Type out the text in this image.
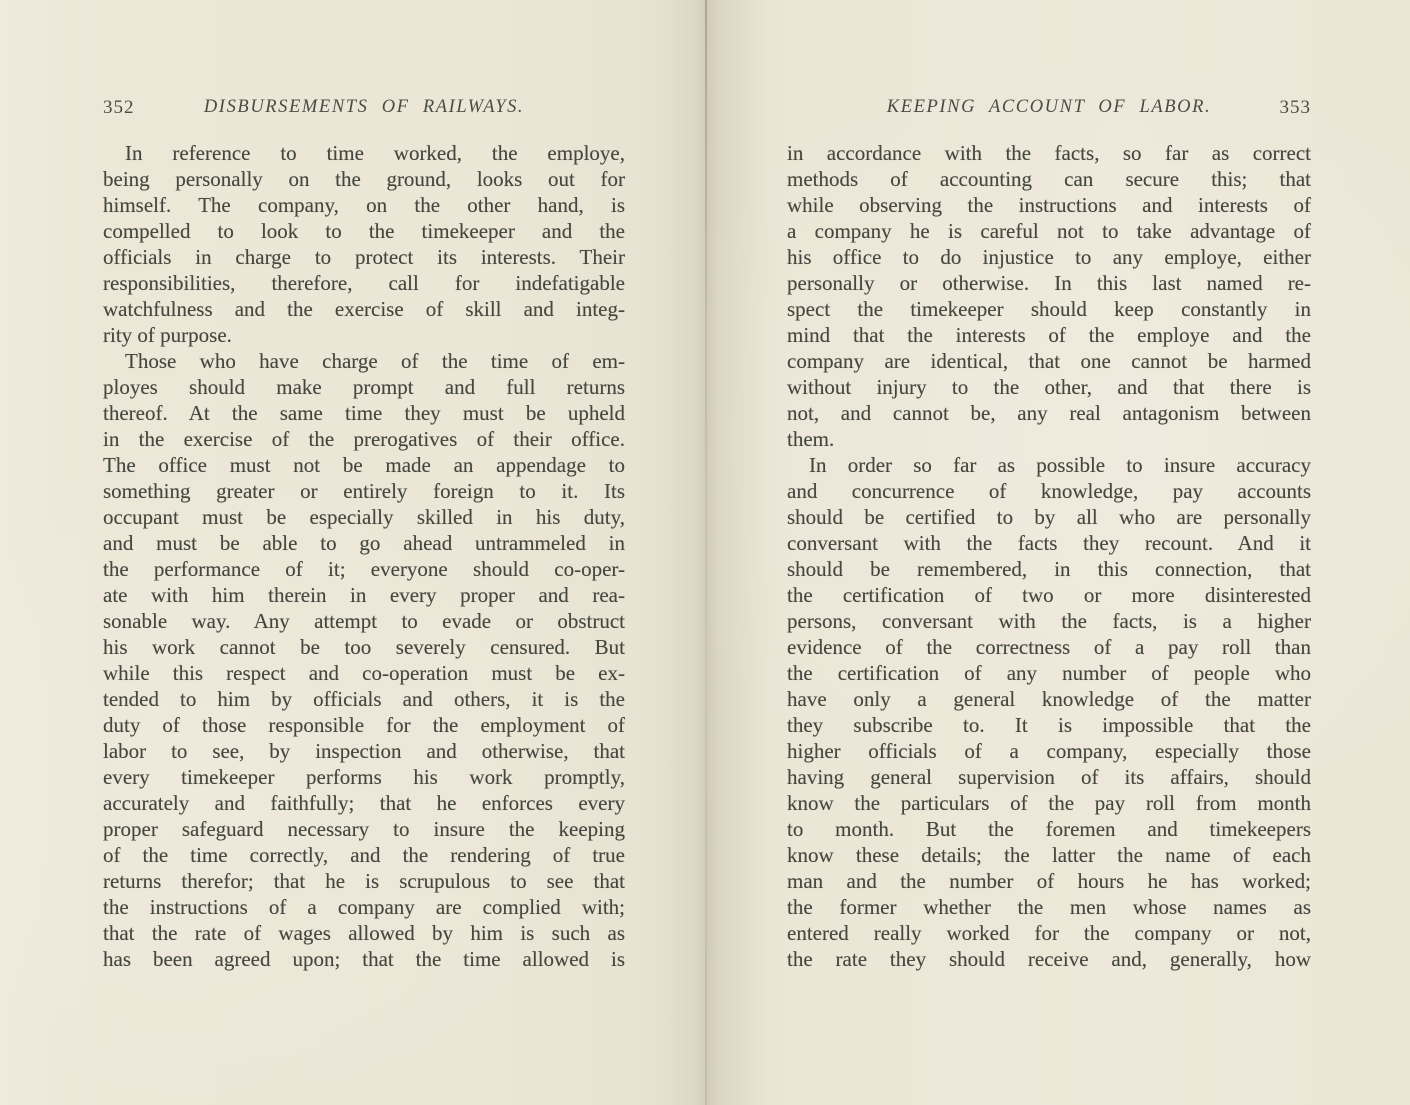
352	DISBURSEMENTS OF RAILWAYS.
In reference to time worked, the employe,
being personally on the ground, looks out for
himself. The company, on the other hand, is
compelled to look to the timekeeper and the
officials in charge to protect its interests. Their
responsibilities, therefore, call for indefatigable
watchfulness and the exercise of skill and integ-
rity of purpose.
Those who have charge of the time of em-
ployes should make prompt and full returns
thereof. At the same time they must be upheld
in the exercise of the prerogatives of their office.
The office must not be made an appendage to
something greater or entirely foreign to it. Its
occupant must be especially skilled in his duty,
and must be able to go ahead untrammeled in
the performance of it; everyone should co-oper-
ate with him therein in every proper and rea-
sonable way. Any attempt to evade or obstruct
his work cannot be too severely censured. But
while this respect and co-operation must be ex-
tended to him by officials and others, it is the
duty of those responsible for the employment of
labor to see, by inspection and otherwise, that
every timekeeper performs his work promptly,
accurately and faithfully; that he enforces every
proper safeguard necessary to insure the keeping
of the time correctly, and the rendering of true
returns therefor; that he is scrupulous to see that
the instructions of a company are complied with;
that the rate of wages allowed by him is such as
has been agreed upon; that the time allowed is
KEEPING ACCOUNT OF LABOR.	353
in accordance with the facts, so far as correct
methods of accounting can secure this; that
while observing the instructions and interests of
a company he is careful not to take advantage of
his office to do injustice to any employe, either
personally or otherwise. In this last named re-
spect the timekeeper should keep constantly in
mind that the interests of the employe and the
company are identical, that one cannot be harmed
without injury to the other, and that there is
not, and cannot be, any real antagonism between
them.
In order so far as possible to insure accuracy
and concurrence of knowledge, pay accounts
should be certified to by all who are personally
conversant with the facts they recount. And it
should be remembered, in this connection, that
the certification of two or more disinterested
persons, conversant with the facts, is a higher
evidence of the correctness of a pay roll than
the certification of any number of people who
have only a general knowledge of the matter
they subscribe to. It is impossible that the
higher officials of a company, especially those
having general supervision of its affairs, should
know the particulars of the pay roll from month
to month. But the foremen and timekeepers
know these details; the latter the name of each
man and the number of hours he has worked;
the former whether the men whose names as
entered really worked for the company or not,
the rate they should receive and, generally, how
